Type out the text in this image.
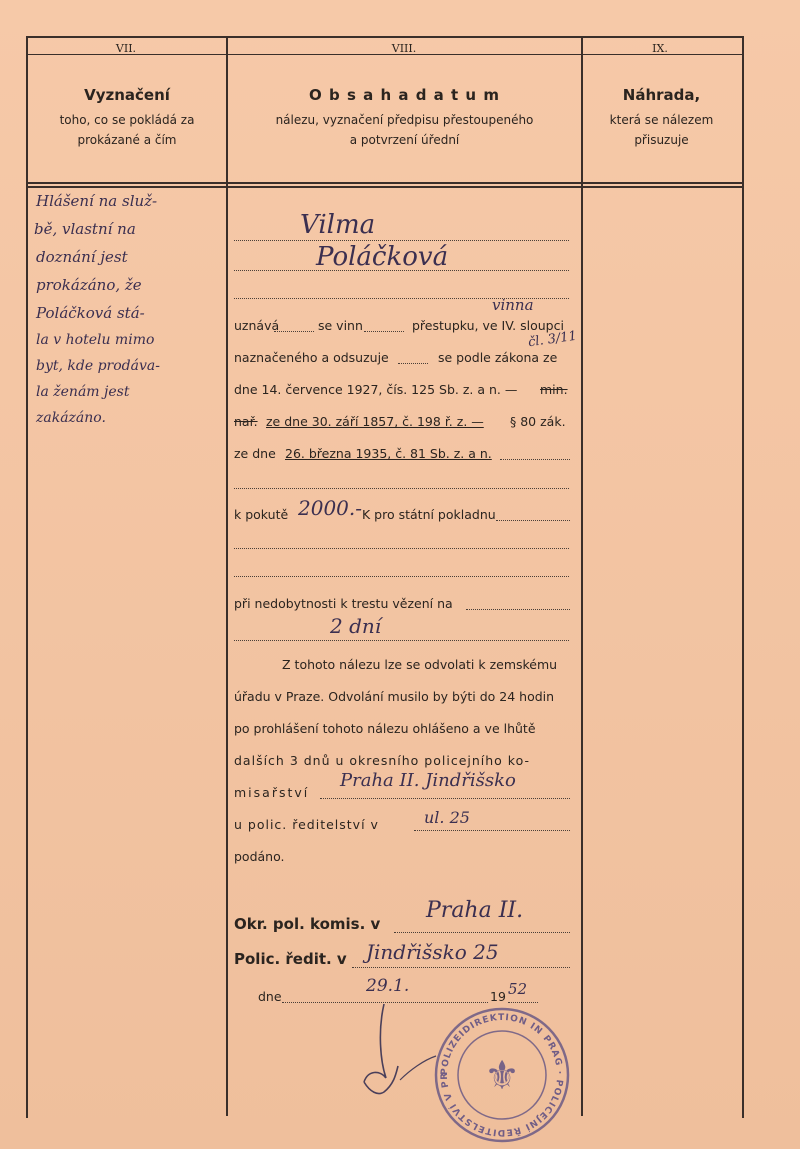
VII.	VIII.	IX.
Vyznačení
toho, co se pokládá za
prokázané a čím
O b s a h a d a t u m
nálezu, vyznačení předpisu přestoupeného
a potvrzení úřední
Náhrada,
která se nálezem
přisuzuje
Hlášení na služ-
bě, vlastní na
doznání jest
prokázáno, že
Poláčková stá-
la v hotelu mimo
byt, kde prodáva-
la ženám jest
zakázáno.
Vilma
Poláčková
uznává	se vinn	přestupku, ve IV. sloupci
vinna
naznačeného a odsuzuje	se podle zákona ze
čl. 3/11
dne 14. července 1927, čís. 125 Sb. z. a n. — min.
nař. ze dne 30. září 1857, č. 198 ř. z. — § 80 zák.
ze dne 26. března 1935, č. 81 Sb. z. a n.
k pokutě 2000.- K pro státní pokladnu
při nedobytnosti k trestu vězení na
2 dní
Z tohoto nálezu lze se odvolati k zemskému
úřadu v Praze. Odvolání musilo by býti do 24 hodin
po prohlášení tohoto nálezu ohlášeno a ve lhůtě
dalších 3 dnů u okresního policejního ko-
misařství
Praha II. Jindřišsko
u polic. ředitelství v	ul. 25
podáno.
Okr. pol. komis. v
Praha II.
Polic. ředit. v Jindřišsko 25
dne
29.1.
19 52
POLIZEIDIREKTION IN PRAG · POLICEJNÍ ŘEDITELSTVÍ V PR ⚜
